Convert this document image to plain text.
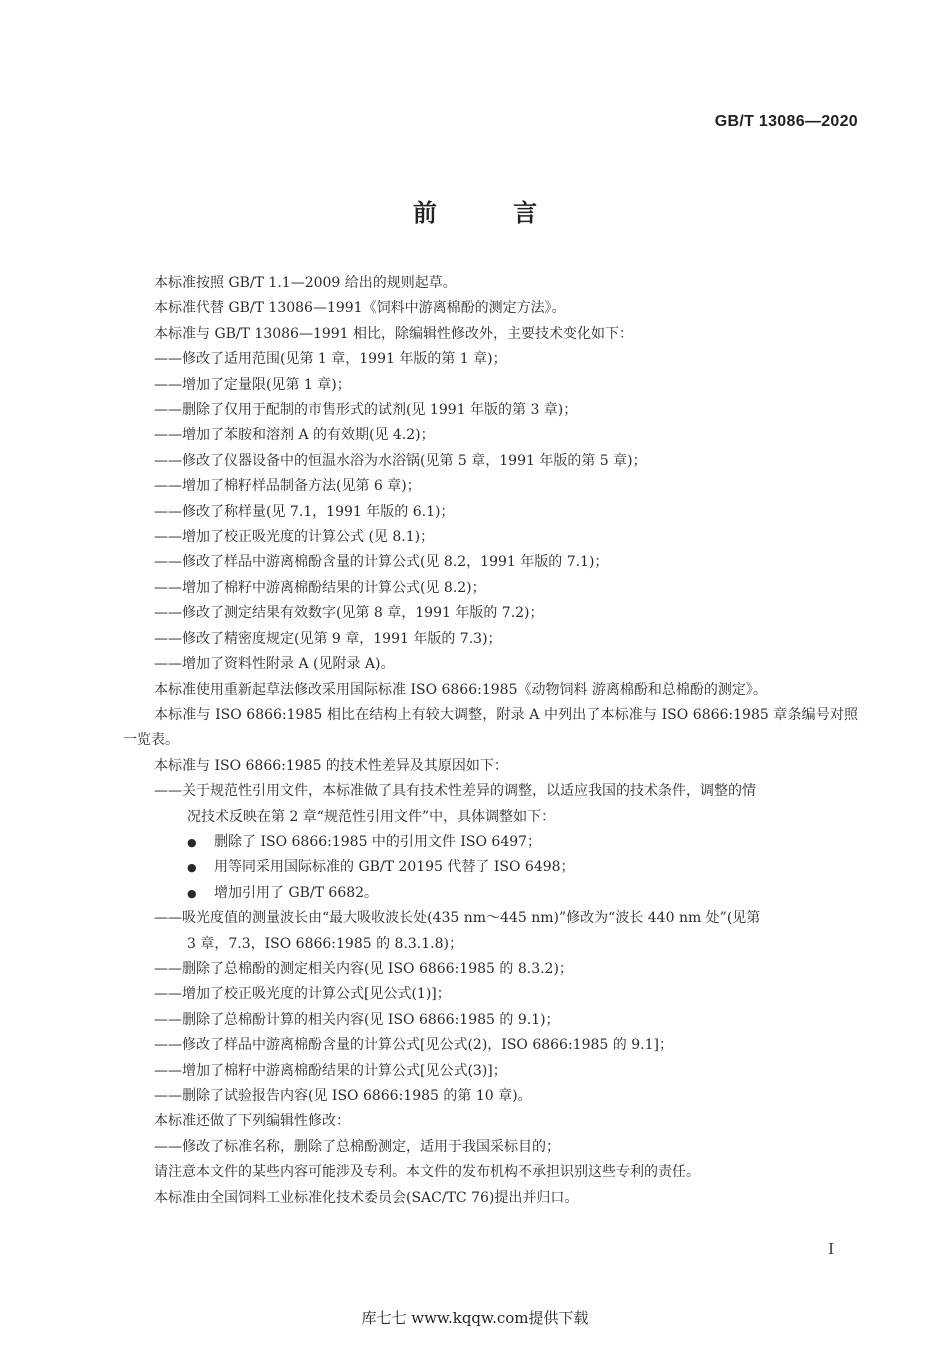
GB/T 13086—2020
前 言
本标准按照 GB/T 1.1—2009 给出的规则起草。
本标准代替 GB/T 13086—1991《饲料中游离棉酚的测定方法》。
本标准与 GB/T 13086—1991 相比，除编辑性修改外，主要技术变化如下：
——修改了适用范围(见第 1 章，1991 年版的第 1 章)；
——增加了定量限(见第 1 章)；
——删除了仅用于配制的市售形式的试剂(见 1991 年版的第 3 章)；
——增加了苯胺和溶剂 A 的有效期(见 4.2)；
——修改了仪器设备中的恒温水浴为水浴锅(见第 5 章，1991 年版的第 5 章)；
——增加了棉籽样品制备方法(见第 6 章)；
——修改了称样量(见 7.1，1991 年版的 6.1)；
——增加了校正吸光度的计算公式 (见 8.1)；
——修改了样品中游离棉酚含量的计算公式(见 8.2，1991 年版的 7.1)；
——增加了棉籽中游离棉酚结果的计算公式(见 8.2)；
——修改了测定结果有效数字(见第 8 章，1991 年版的 7.2)；
——修改了精密度规定(见第 9 章，1991 年版的 7.3)；
——增加了资料性附录 A (见附录 A)。
本标准使用重新起草法修改采用国际标准 ISO 6866:1985《动物饲料 游离棉酚和总棉酚的测定》。
本标准与 ISO 6866:1985 相比在结构上有较大调整，附录 A 中列出了本标准与 ISO 6866:1985 章条编号对照一览表。
本标准与 ISO 6866:1985 的技术性差异及其原因如下：
——关于规范性引用文件，本标准做了具有技术性差异的调整，以适应我国的技术条件，调整的情
况技术反映在第 2 章“规范性引用文件”中，具体调整如下：
● 删除了 ISO 6866:1985 中的引用文件 ISO 6497；
● 用等同采用国际标准的 GB/T 20195 代替了 ISO 6498；
● 增加引用了 GB/T 6682。
——吸光度值的测量波长由“最大吸收波长处(435 nm～445 nm)”修改为“波长 440 nm 处”(见第
3 章，7.3，ISO 6866:1985 的 8.3.1.8)；
——删除了总棉酚的测定相关内容(见 ISO 6866:1985 的 8.3.2)；
——增加了校正吸光度的计算公式[见公式(1)]；
——删除了总棉酚计算的相关内容(见 ISO 6866:1985 的 9.1)；
——修改了样品中游离棉酚含量的计算公式[见公式(2)，ISO 6866:1985 的 9.1]；
——增加了棉籽中游离棉酚结果的计算公式[见公式(3)]；
——删除了试验报告内容(见 ISO 6866:1985 的第 10 章)。
本标准还做了下列编辑性修改：
——修改了标准名称，删除了总棉酚测定，适用于我国采标目的；
请注意本文件的某些内容可能涉及专利。本文件的发布机构不承担识别这些专利的责任。
本标准由全国饲料工业标准化技术委员会(SAC/TC 76)提出并归口。
I
库七七 www.kqqw.com提供下载
